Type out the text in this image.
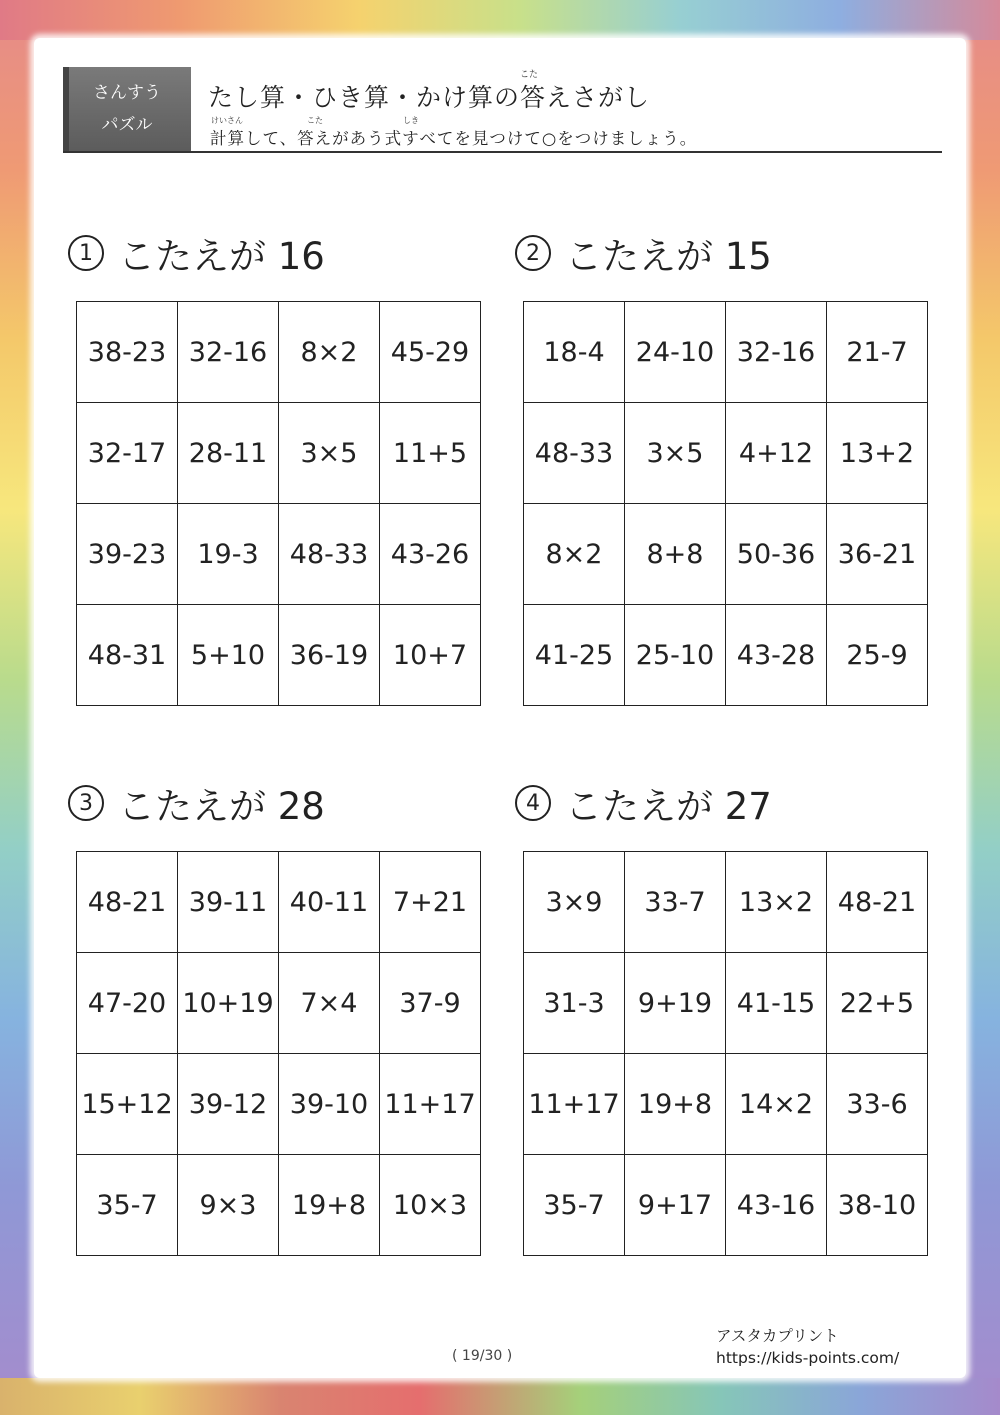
さんすう
パズル
こた
たし算・ひき算・かけ算の答えさがし
けいさん	こた	しき
計算して、答えがあう式すべてを見つけて○をつけましょう。
1 こたえが 16
38-23	32-16	8×2	45-29
32-17	28-11	3×5	11+5
39-23	19-3	48-33	43-26
48-31	5+10	36-19	10+7
2 こたえが 15
18-4	24-10	32-16	21-7
48-33	3×5	4+12	13+2
8×2	8+8	50-36	36-21
41-25	25-10	43-28	25-9
3 こたえが 28
48-21	39-11	40-11	7+21
47-20	10+19	7×4	37-9
15+12	39-12	39-10	11+17
35-7	9×3	19+8	10×3
4 こたえが 27
3×9	33-7	13×2	48-21
31-3	9+19	41-15	22+5
11+17	19+8	14×2	33-6
35-7	9+17	43-16	38-10
( 19/30 )
アスタカプリント
https://kids-points.com/
